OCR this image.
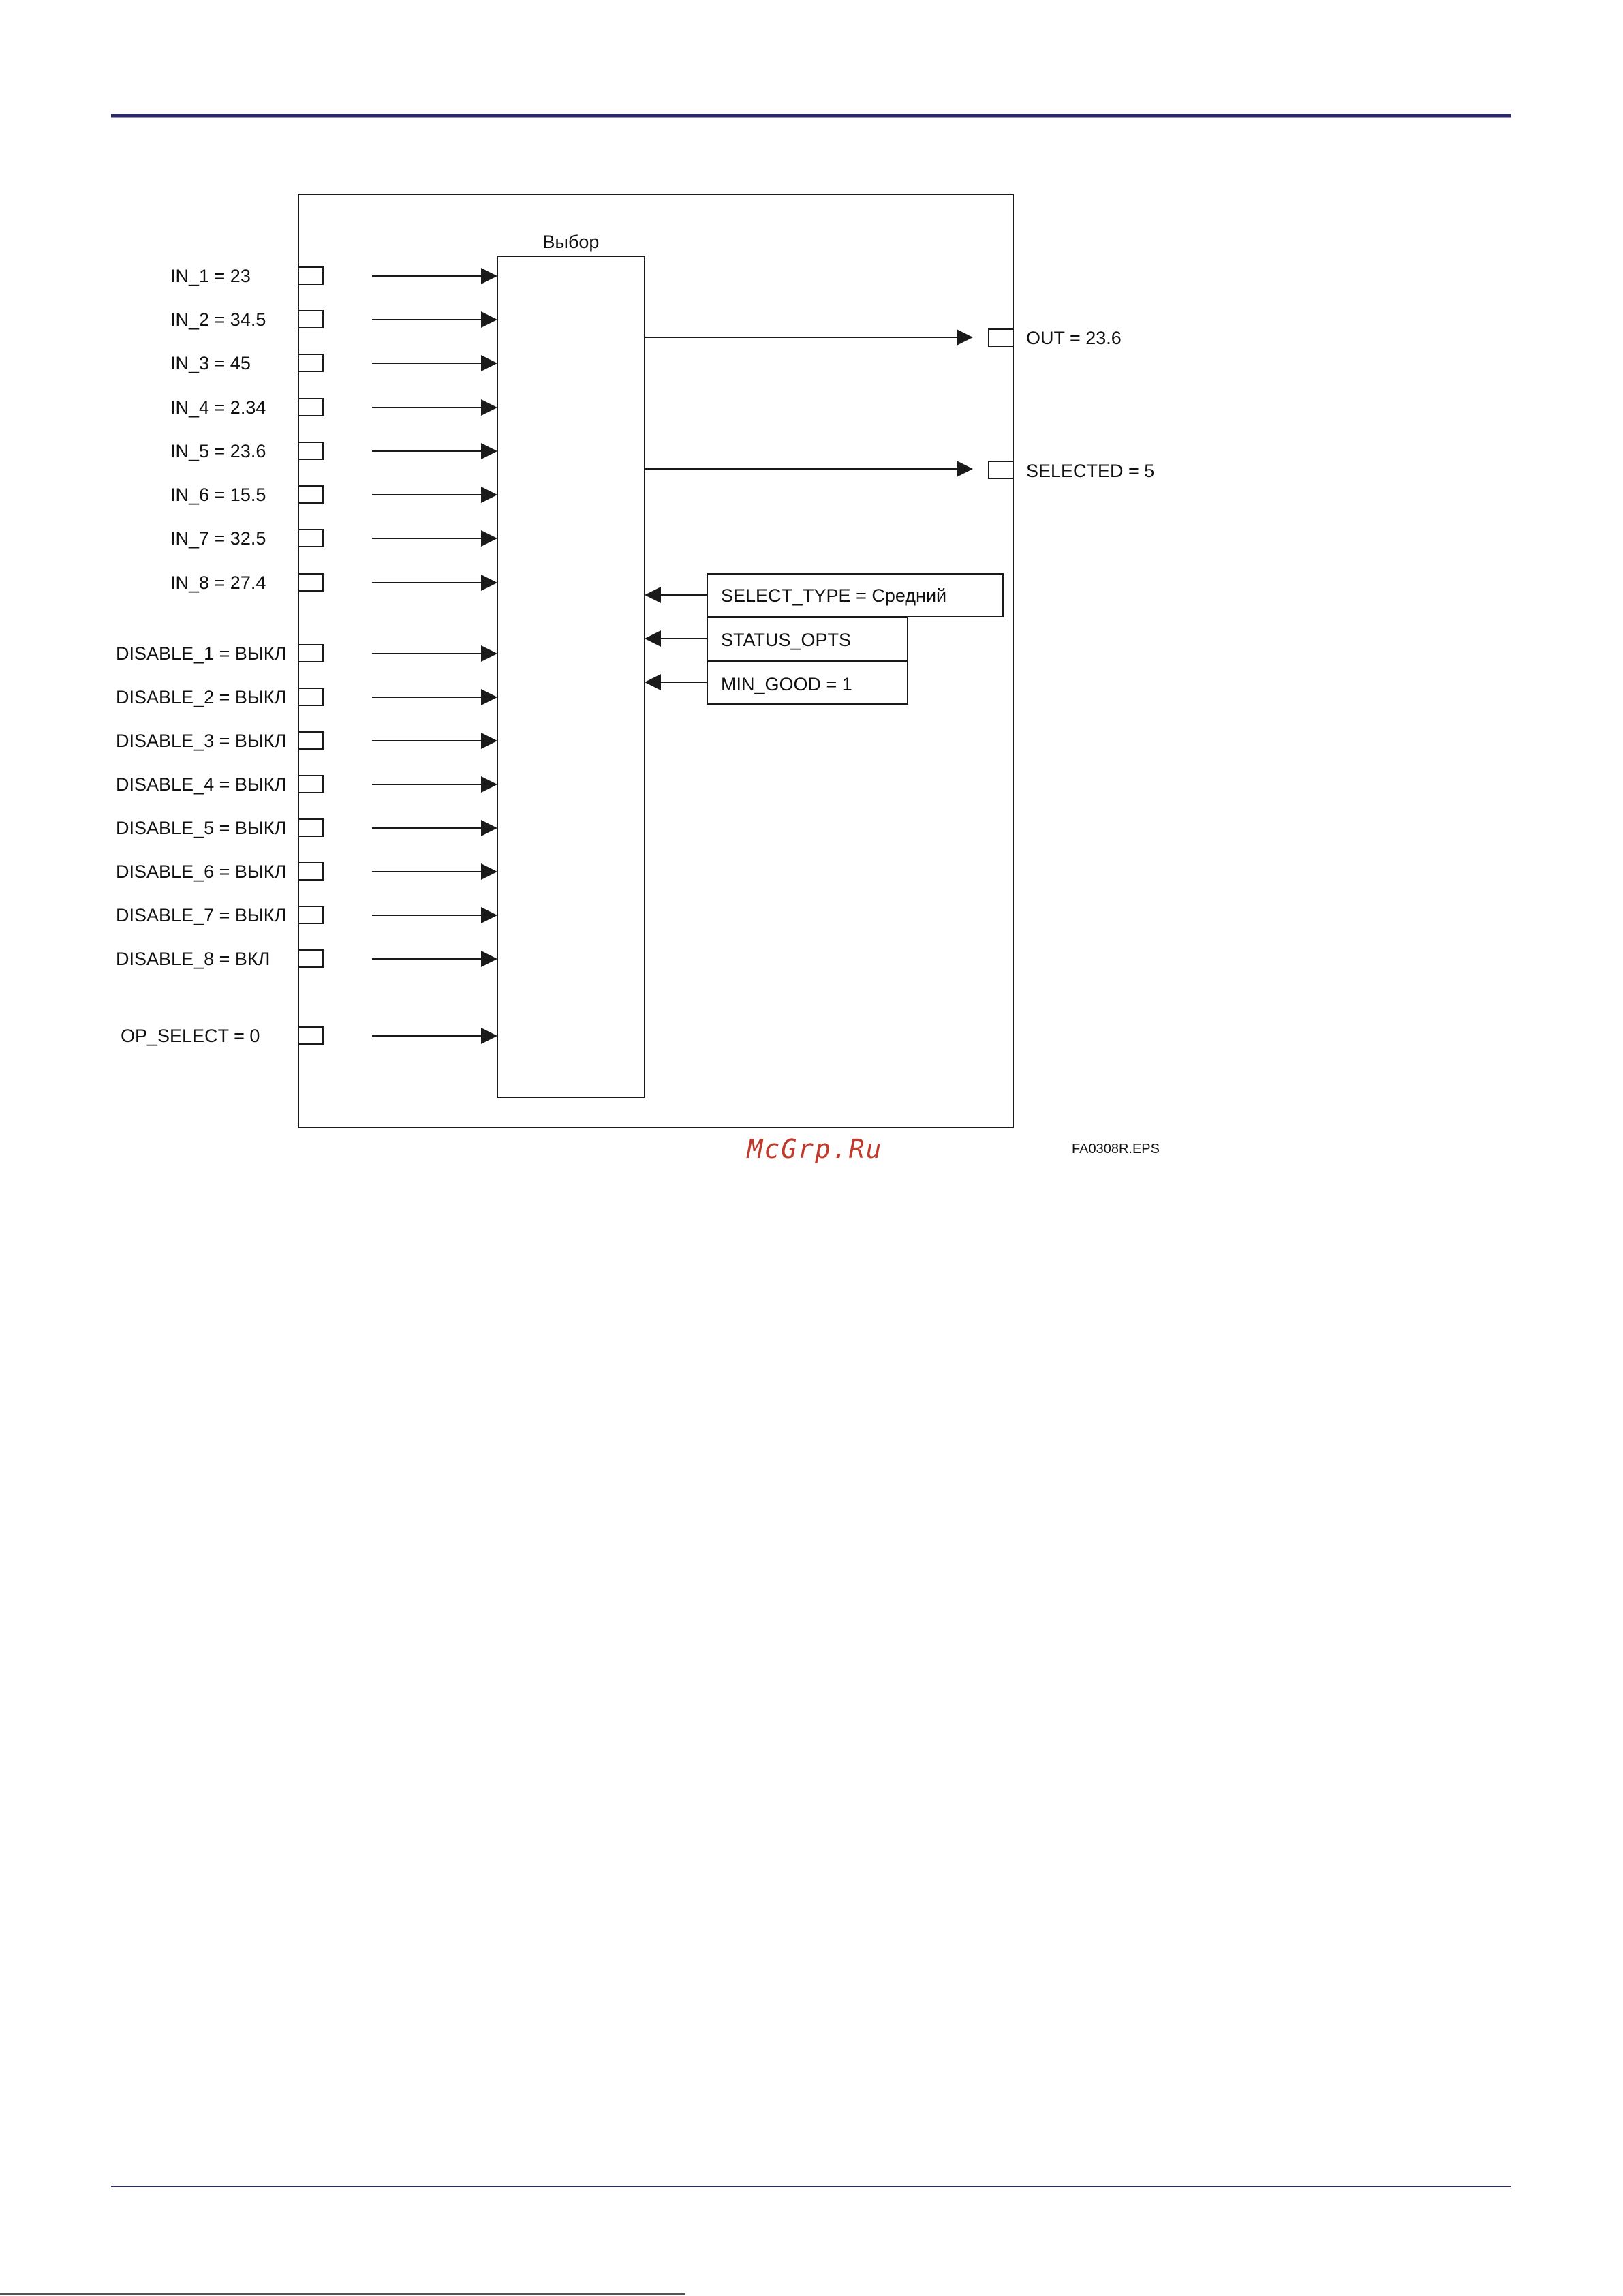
Выбор
IN_1 = 23
IN_2 = 34.5
IN_3 = 45
IN_4 = 2.34
IN_5 = 23.6
IN_6 = 15.5
IN_7 = 32.5
IN_8 = 27.4
DISABLE_1 = ВЫКЛ
DISABLE_2 = ВЫКЛ
DISABLE_3 = ВЫКЛ
DISABLE_4 = ВЫКЛ
DISABLE_5 = ВЫКЛ
DISABLE_6 = ВЫКЛ
DISABLE_7 = ВЫКЛ
DISABLE_8 = ВКЛ
OP_SELECT = 0
OUT = 23.6
SELECTED = 5
SELECT_TYPE = Средний
STATUS_OPTS
MIN_GOOD = 1
McGrp.Ru	FA0308R.EPS
